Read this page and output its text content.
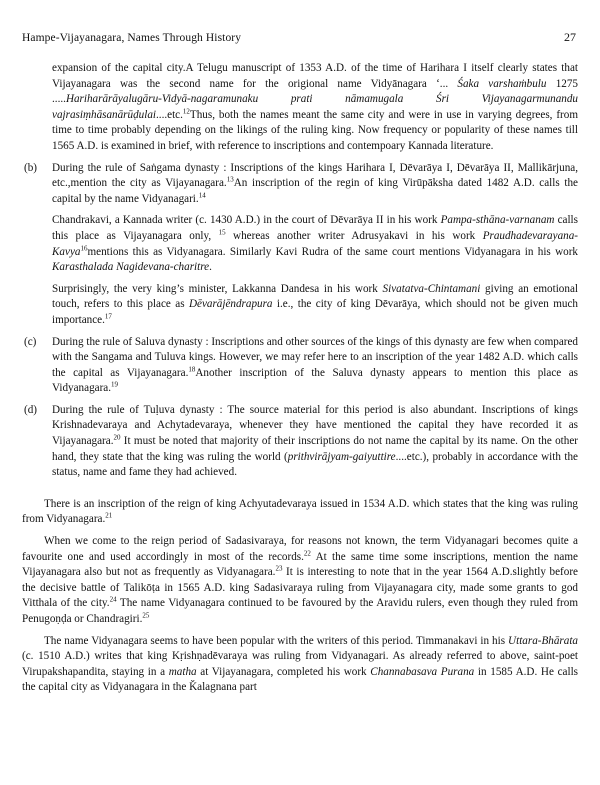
Hampe-Vijayanagara, Names Through History	27

expansion of the capital city.A Telugu manuscript of 1353 A.D. of the time of Harihara I itself clearly states that Vijayanagara was the second name for the origional name Vidyānagara ‘... Śaka varshaṁbulu 1275 .....Hariharārāyalugāru-Vidyā-nagaramunaku prati nāmamugala Śri Vijayanagarmunandu vajrasiṃhāsanārūḍulai....etc.$^{12}$Thus, both the names meant the same city and were in use in varying degrees, from time to time probably depending on the likings of the ruling king. Now frequency or popularity of these names till 1565 A.D. is examined in brief, with reference to inscriptions and contempoary Kannada literature.

(b)	During the rule of Saṅgama dynasty : Inscriptions of the kings Harihara I, Dēvarāya I, Dēvarāya II, Mallikārjuna, etc.,mention the city as Vijayanagara.$^{13}$An inscription of the regin of king Virūpāksha dated 1482 A.D. calls the capital by the name Vidyanagari.$^{14}$

Chandrakavi, a Kannada writer (c. 1430 A.D.) in the court of Dēvarāya II in his work Pampa-sthāna-varnanam calls this place as Vijayanagara only, $^{15}$ whereas another writer Adrusyakavi in his work Praudhadevarayana-Kavya$^{16}$mentions this as Vidyanagara. Similarly Kavi Rudra of the same court mentions Vidyanagara in his work Karasthalada Nagidevana-charitre.

Surprisingly, the very king’s minister, Lakkanna Dandesa in his work Sivatatva-Chintamani giving an emotional touch, refers to this place as Dēvarājēndrapura i.e., the city of king Dēvarāya, which should not be given much importance.$^{17}$

(c)	During the rule of Saluva dynasty : Inscriptions and other sources of the kings of this dynasty are few when compared with the Sangama and Tuluva kings. However, we may refer here to an inscription of the year 1482 A.D. which calls the capital as Vijayanagara.$^{18}$Another inscription of the Saluva dynasty appears to mention this place as Vidyanagara.$^{19}$
(d)	During the rule of Tuḷuva dynasty : The source material for this period is also abundant. Inscriptions of kings Krishnadevaraya and Achytadevaraya, whenever they have mentioned the capital they have recorded it as Vijayanagara.$^{20}$ It must be noted that majority of their inscriptions do not name the capital by its name. On the other hand, they state that the king was ruling the world (prithvirājyam-gaiyuttire....etc.), probably in accordance with the status, name and fame they had achieved.

There is an inscription of the reign of king Achyutadevaraya issued in 1534 A.D. which states that the king was ruling from Vidyanagara.$^{21}$

When we come to the reign period of Sadasivaraya, for reasons not known, the term Vidyanagari becomes quite a favourite one and used accordingly in most of the records.$^{22}$ At the same time some inscriptions, mention the name Vijayanagara also but not as frequently as Vidyanagara.$^{23}$ It is interesting to note that in the year 1564 A.D.slightly before the decisive battle of Talikōṭa in 1565 A.D. king Sadasivaraya ruling from Vijayanagara city, made some grants to god Vitthala of the city.$^{24}$ The name Vidyanagara continued to be favoured by the Aravidu rulers, even though they ruled from Penugoṇḍa or Chandragiri.$^{25}$

The name Vidyanagara seems to have been popular with the writers of this period. Timmanakavi in his Uttara-Bhārata (c. 1510 A.D.) writes that king Kṛishṇadēvaraya was ruling from Vidyanagari. As already referred to above, saint-poet Virupakshapandita, staying in a matha at Vijayanagara, completed his work Channabasava Purana in 1585 A.D. He calls the capital city as Vidyanagara in the Ǩalagnana part
